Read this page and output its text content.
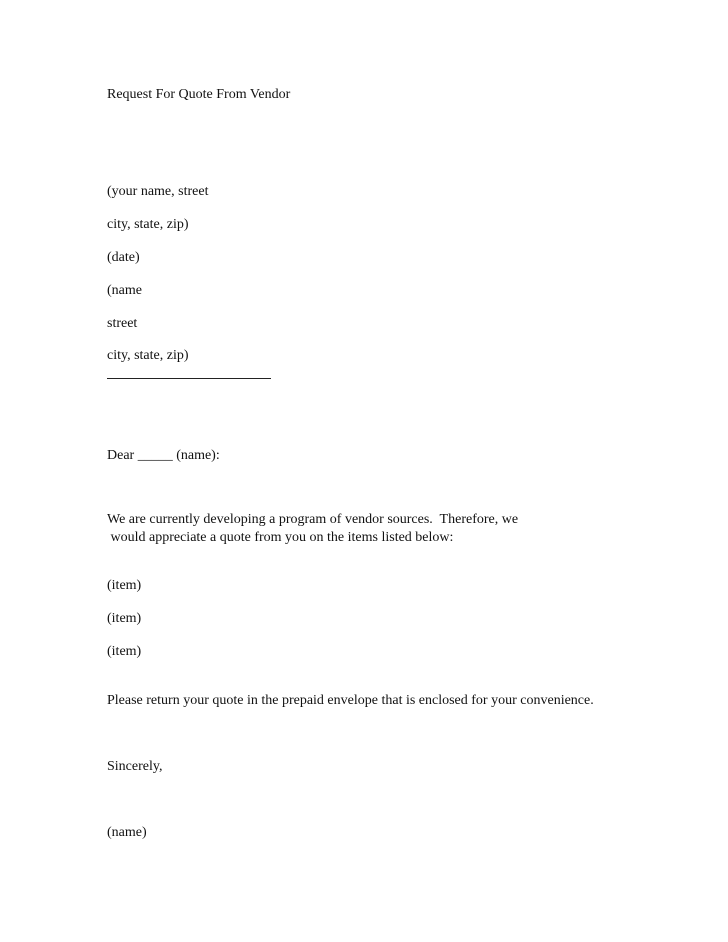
Request For Quote From Vendor
(your name, street
city, state, zip)
(date)
(name
street
city, state, zip)
Dear _____ (name):
We are currently developing a program of vendor sources.  Therefore, we
would appreciate a quote from you on the items listed below:
(item)
(item)
(item)
Please return your quote in the prepaid envelope that is enclosed for your convenience.
Sincerely,
(name)
